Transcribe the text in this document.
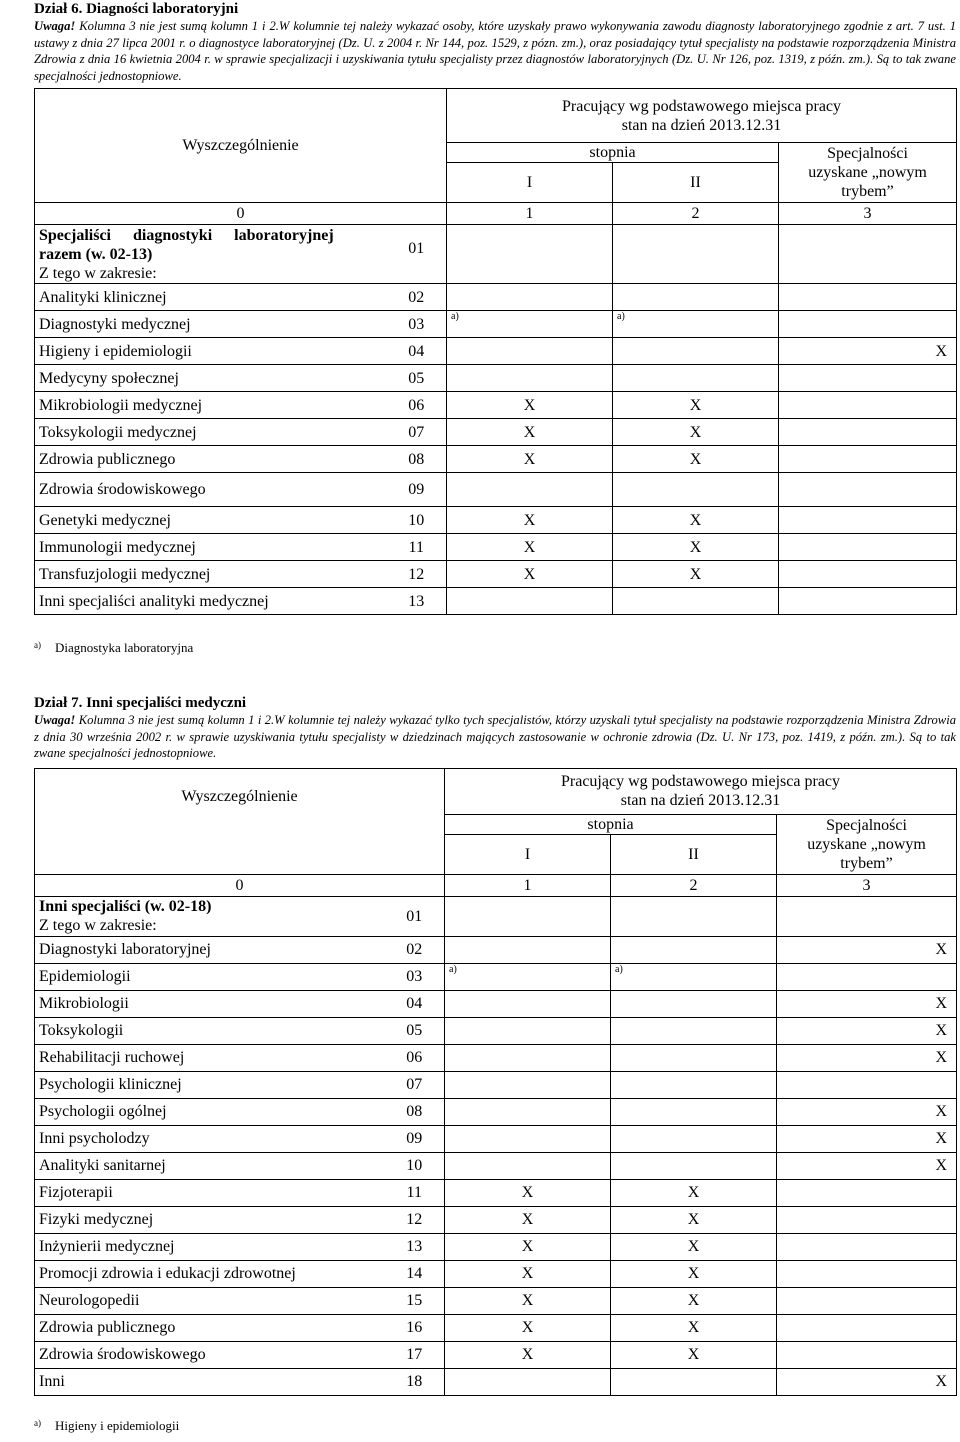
Dział 6. Diagności laboratoryjni

Uwaga! Kolumna 3 nie jest sumą kolumn 1 i 2.W kolumnie tej należy wykazać osoby, które uzyskały prawo wykonywania zawodu diagnosty laboratoryjnego zgodnie z art. 7 ust. 1 ustawy z dnia 27 lipca 2001 r. o diagnostyce laboratoryjnej (Dz. U. z 2004 r. Nr 144, poz. 1529, z pózn. zm.), oraz posiadający tytuł specjalisty na podstawie rozporządzenia Ministra Zdrowia z dnia 16 kwietnia 2004 r. w sprawie specjalizacji i uzyskiwania tytułu specjalisty przez diagnostów laboratoryjnych (Dz. U. Nr 126, poz. 1319, z późn. zm.). Są to tak zwane specjalności jednostopniowe.

Wyszczególnienie		Pracujący wg podstawowego miejsca pracy
stan na dzień 2013.12.31		

		stopnia		Specjalności
uzyskane „nowym
trybem”

		I	II	
0		1	2	3

Specjaliści diagnostyki laboratoryjnej
razem (w. 02-13)
Z tego w zakresie:	01			
Analityki klinicznej	02			
Diagnostyki medycznej	03	a)	a)	
Higieny i epidemiologii	04			X
Medycyny społecznej	05			
Mikrobiologii medycznej	06	X	X	
Toksykologii medycznej	07	X	X	
Zdrowia publicznego	08	X	X	
Zdrowia środowiskowego	09			
Genetyki medycznej	10	X	X	
Immunologii medycznej	11	X	X	
Transfuzjologii medycznej	12	X	X	
Inni specjaliści analityki medycznej	13			
$^{a)}$ Diagnostyka laboratoryjna

Dział 7. Inni specjaliści medyczni

Uwaga! Kolumna 3 nie jest sumą kolumn 1 i 2.W kolumnie tej należy wykazać tylko tych specjalistów, którzy uzyskali tytuł specjalisty na podstawie rozporządzenia Ministra Zdrowia z dnia 30 września 2002 r. w sprawie uzyskiwania tytułu specjalisty w dziedzinach mających zastosowanie w ochronie zdrowia (Dz. U. Nr 173, poz. 1419, z późn. zm.). Są to tak zwane specjalności jednostopniowe.

Wyszczególnienie		Pracujący wg podstawowego miejsca pracy
stan na dzień 2013.12.31		

		stopnia		Specjalności
uzyskane „nowym
trybem”

		I	II	
0		1	2	3

Inni specjaliści (w. 02-18)
Z tego w zakresie:	01			
Diagnostyki laboratoryjnej	02			X
Epidemiologii	03	a)	a)	
Mikrobiologii	04			X
Toksykologii	05			X
Rehabilitacji ruchowej	06			X
Psychologii klinicznej	07			
Psychologii ogólnej	08			X
Inni psycholodzy	09			X
Analityki sanitarnej	10			X
Fizjoterapii	11	X	X	
Fizyki medycznej	12	X	X	
Inżynierii medycznej	13	X	X	
Promocji zdrowia i edukacji zdrowotnej	14	X	X	
Neurologopedii	15	X	X	
Zdrowia publicznego	16	X	X	
Zdrowia środowiskowego	17	X	X	
Inni	18			X
$^{a)}$ Higieny i epidemiologii
